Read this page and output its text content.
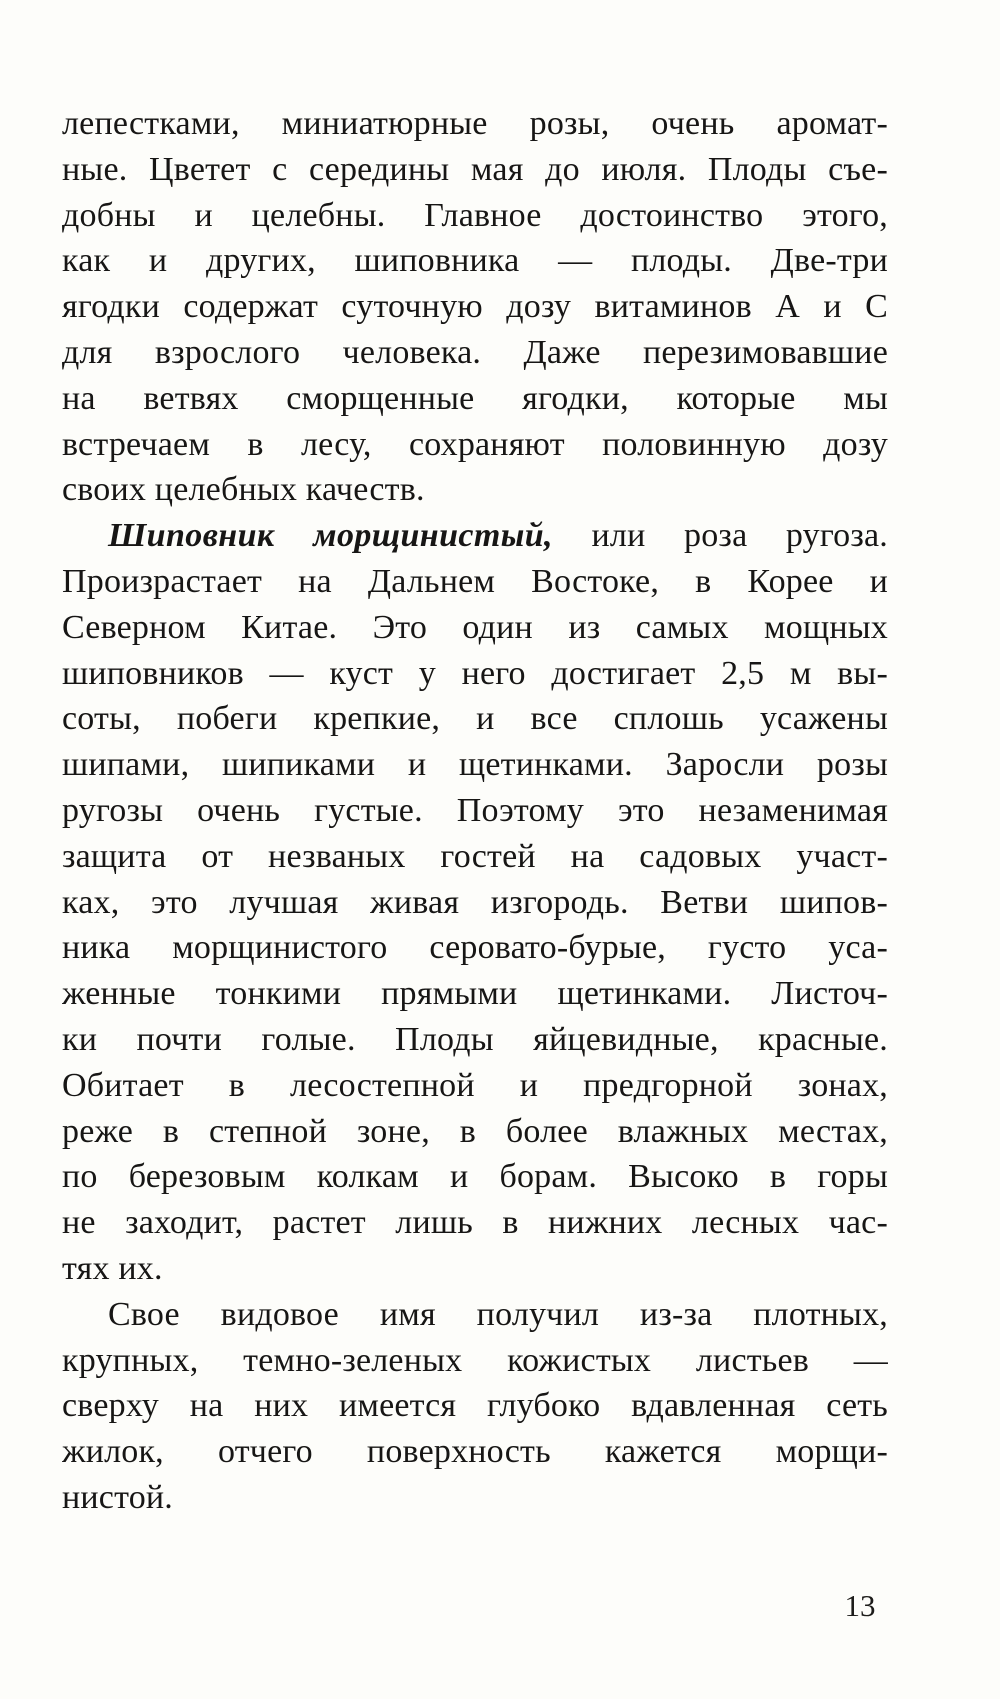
лепестками, миниатюрные розы, очень аромат-
ные. Цветет с середины мая до июля. Плоды съе-
добны и целебны. Главное достоинство этого,
как и других, шиповника — плоды. Две-три
ягодки содержат суточную дозу витаминов А и С
для взрослого человека. Даже перезимовавшие
на ветвях сморщенные ягодки, которые мы
встречаем в лесу, сохраняют половинную дозу
своих целебных качеств.
Шиповник морщинистый, или роза ругоза.
Произрастает на Дальнем Востоке, в Корее и
Северном Китае. Это один из самых мощных
шиповников — куст у него достигает 2,5 м вы-
соты, побеги крепкие, и все сплошь усажены
шипами, шипиками и щетинками. Заросли розы
ругозы очень густые. Поэтому это незаменимая
защита от незваных гостей на садовых участ-
ках, это лучшая живая изгородь. Ветви шипов-
ника морщинистого серовато-бурые, густо уса-
женные тонкими прямыми щетинками. Листоч-
ки почти голые. Плоды яйцевидные, красные.
Обитает в лесостепной и предгорной зонах,
реже в степной зоне, в более влажных местах,
по березовым колкам и борам. Высоко в горы
не заходит, растет лишь в нижних лесных час-
тях их.
Свое видовое имя получил из-за плотных,
крупных, темно-зеленых кожистых листьев —
сверху на них имеется глубоко вдавленная сеть
жилок, отчего поверхность кажется морщи-
нистой.
13
